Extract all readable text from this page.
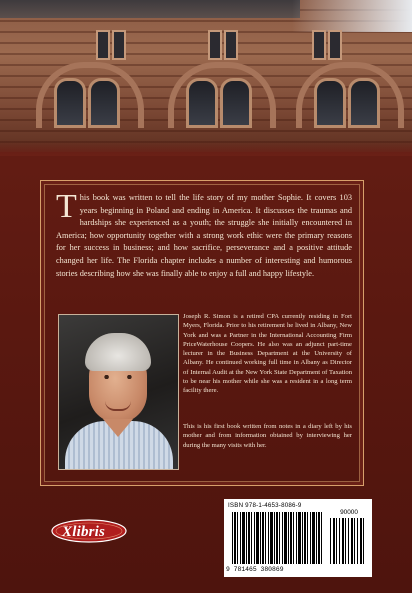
This book was written to tell the life story of my mother Sophie. It covers 103 years beginning in Poland and ending in America. It discusses the traumas and hardships she experienced as a youth; the struggle she initially encountered in America; how opportunity together with a strong work ethic were the primary reasons for her success in business; and how sacrifice, perseverance and a positive attitude changed her life. The Florida chapter includes a number of interesting and humorous stories describing how she was finally able to enjoy a full and happy lifestyle.

Joseph R. Simon is a retired CPA currently residing in Fort Myers, Florida. Prior to his retirement he lived in Albany, New York and was a Partner in the International Accounting Firm PriceWaterhouse Coopers. He also was an adjunct part-time lecturer in the Business Department at the University of Albany. He continued working full time in Albany as Director of Internal Audit at the New York State Department of Taxation to be near his mother while she was a resident in a long term facility there.

This is his first book written from notes in a diary left by his mother and from information obtained by interviewing her during the many visits with her.

Xlibris
ISBN 978-1-4653-8086-9
90000
9 781465 380869
